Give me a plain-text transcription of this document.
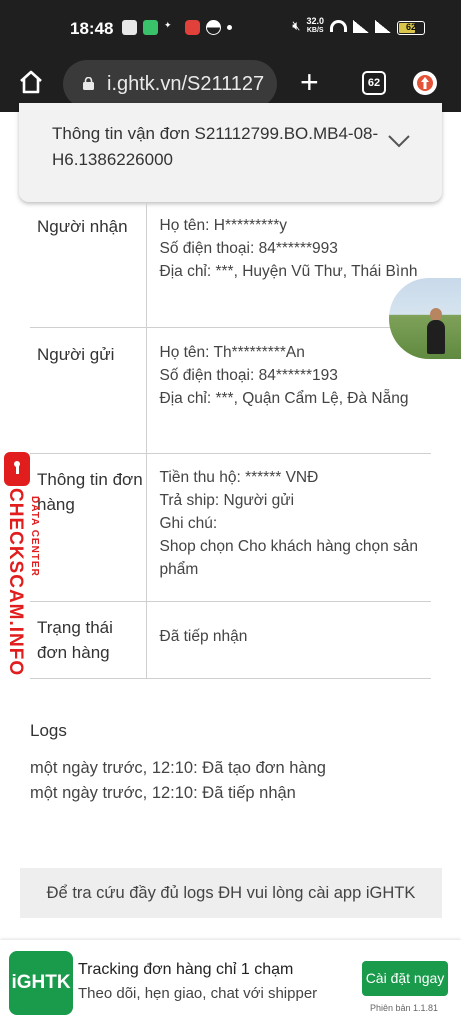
18:48	✦	🔇︎ 32.0
KB/S	62
i.ghtk.vn/S211127 +	62
Thông tin vận đơn S21112799.BO.MB4-08-H6.1386226000
Người nhận	Họ tên: H*********y
Số điện thoại: 84******993
Địa chỉ: ***, Huyện Vũ Thư, Thái Bình

Người gửi	Họ tên: Th*********An
Số điện thoại: 84******193
Địa chỉ: ***, Quận Cẩm Lệ, Đà Nẵng

Thông tin đơn hàng	Tiền thu hộ: ****** VNĐ
Trả ship: Người gửi
Ghi chú:
Shop chọn Cho khách hàng chọn sản phẩm

Trạng thái đơn hàng	Đã tiếp nhận
Logs
một ngày trước, 12:10: Đã tạo đơn hàng
một ngày trước, 12:10: Đã tiếp nhận
Để tra cứu đầy đủ logs ĐH vui lòng cài app iGHTK
iGHTK
Tracking đơn hàng chỉ 1 chạm
Theo dõi, hẹn giao, chat với shipper
Cài đặt ngay
Phiên bản 1.1.81
CHECKSCAM.INFO DATA CENTER
